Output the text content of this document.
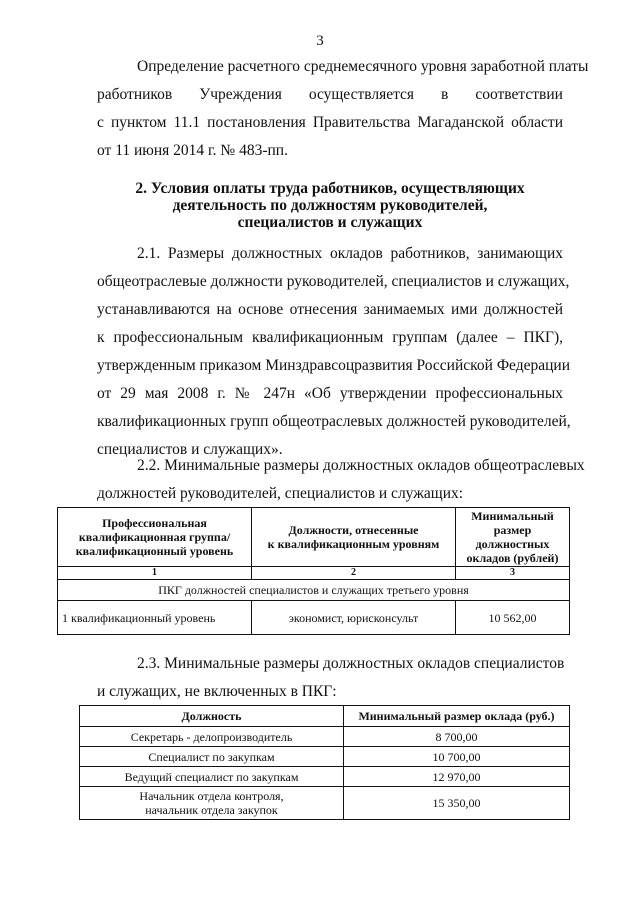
3
Определение расчетного среднемесячного уровня заработной платы
работников Учреждения осуществляется в соответствии
с пунктом 11.1 постановления Правительства Магаданской области
от 11 июня 2014 г. № 483-пп.
2. Условия оплаты труда работников, осуществляющих
деятельность по должностям руководителей,
специалистов и служащих
2.1. Размеры должностных окладов работников, занимающих
общеотраслевые должности руководителей, специалистов и служащих,
устанавливаются на основе отнесения занимаемых ими должностей
к профессиональным квалификационным группам (далее – ПКГ),
утвержденным приказом Минздравсоцразвития Российской Федерации
от 29 мая 2008 г. № 247н «Об утверждении профессиональных
квалификационных групп общеотраслевых должностей руководителей,
специалистов и служащих».
2.2. Минимальные размеры должностных окладов общеотраслевых
должностей руководителей, специалистов и служащих:
Профессиональная
квалификационная группа/
квалификационный уровень	Должности, отнесенные
к квалификационным уровням	Минимальный
размер должностных
окладов (рублей)
1	2	3
ПКГ должностей специалистов и служащих третьего уровня		
1 квалификационный уровень	экономист, юрисконсульт	10 562,00
2.3. Минимальные размеры должностных окладов специалистов
и служащих, не включенных в ПКГ:
Должность	Минимальный размер оклада (руб.)
Секретарь - делопроизводитель	8 700,00
Специалист по закупкам	10 700,00
Ведущий специалист по закупкам	12 970,00
Начальник отдела контроля,
начальник отдела закупок	15 350,00
